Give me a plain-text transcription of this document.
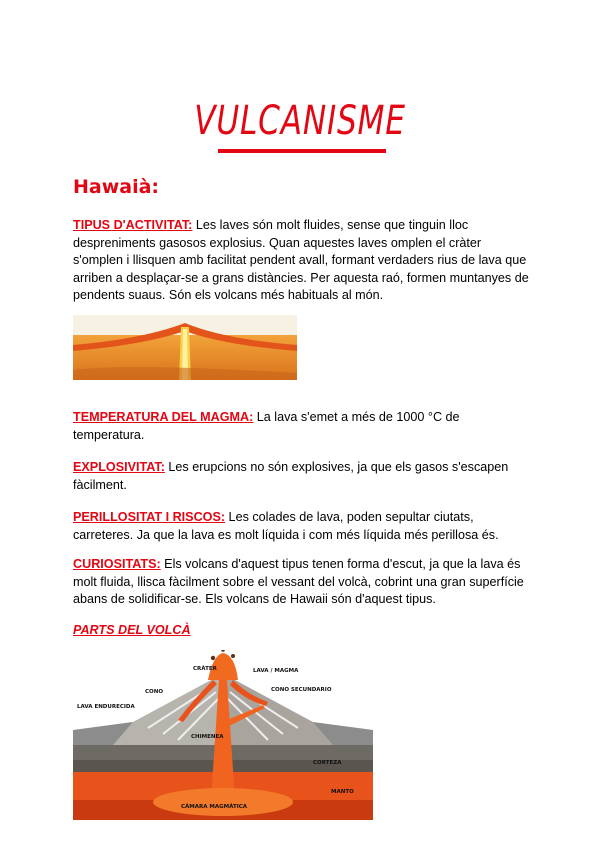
VULCANISME
Hawaià:
TIPUS D'ACTIVITAT: Les laves són molt fluides, sense que tinguin lloc despreniments gasosos explosius. Quan aquestes laves omplen el cràter s'omplen i llisquen amb facilitat pendent avall, formant verdaders rius de lava que arriben a desplaçar-se a grans distàncies. Per aquesta raó, formen muntanyes de pendents suaus. Són els volcans més habituals al món.
TEMPERATURA DEL MAGMA: La lava s'emet a més de 1000 °C de temperatura.
EXPLOSIVITAT: Les erupcions no són explosives, ja que els gasos s'escapen fàcilment.
PERILLOSITAT I RISCOS: Les colades de lava, poden sepultar ciutats, carreteres. Ja que la lava es molt líquida i com més líquida més perillosa és.
CURIOSITATS: Els volcans d'aquest tipus tenen forma d'escut, ja que la lava és molt fluida, llisca fàcilment sobre el vessant del volcà, cobrint una gran superfície abans de solidificar-se. Els volcans de Hawaii són d'aquest tipus.
PARTS DEL VOLCÀ
CRÀTER	LAVA / MAGMA
CONO	CONO SECUNDARIO
LAVA ENDURECIDA
CHIMENEA
CORTEZA
MANTO
CÁMARA MAGMÁTICA
